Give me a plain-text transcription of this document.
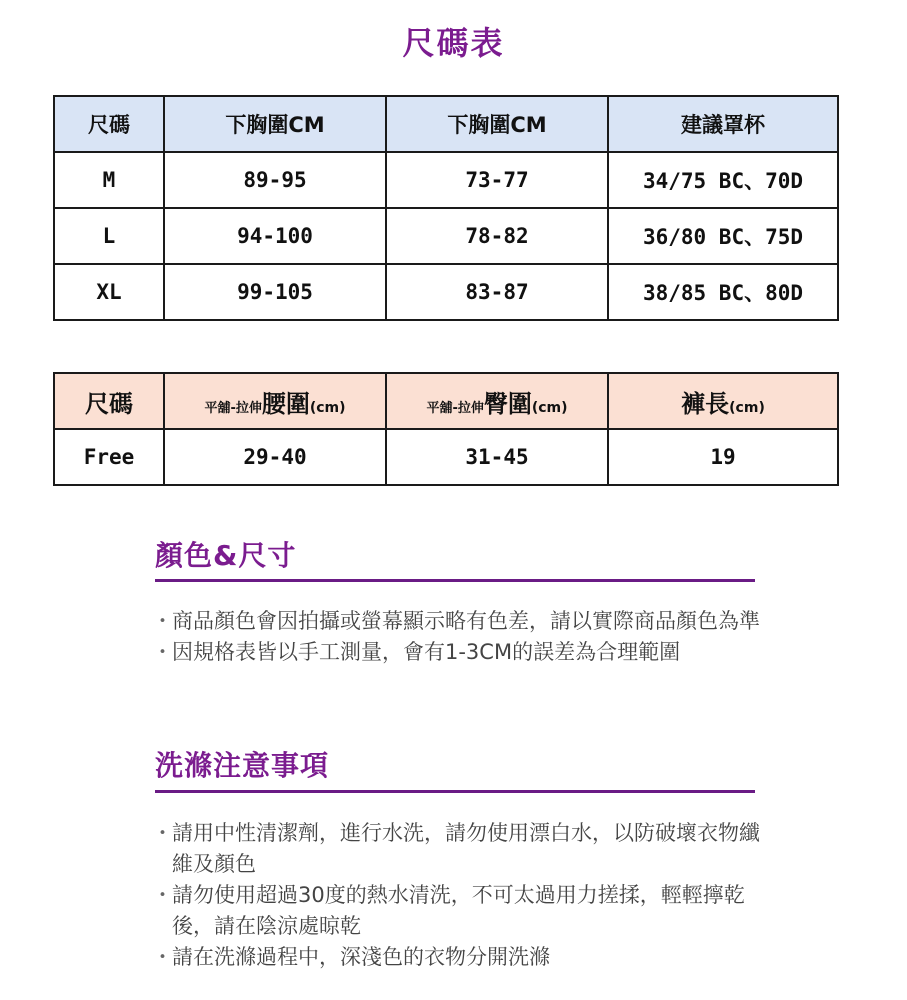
尺碼表
尺碼	下胸圍CM	下胸圍CM	建議罩杯
M	89-95	73-77	34/75 BC、70D
L	94-100	78-82	36/80 BC、75D
XL	99-105	83-87	38/85 BC、80D
尺碼	平舖-拉伸腰圍(cm)	平舖-拉伸臀圍(cm)	褲長(cm)
Free	29-40	31-45	19
顏色&尺寸
・ 商品顏色會因拍攝或螢幕顯示略有色差，請以實際商品顏色為準
・ 因規格表皆以手工測量，會有1-3CM的誤差為合理範圍
洗滌注意事項
・ 請用中性清潔劑，進行水洗，請勿使用漂白水，以防破壞衣物纖維及顏色
・ 請勿使用超過30度的熱水清洗，不可太過用力搓揉，輕輕擰乾後，請在陰涼處晾乾
・ 請在洗滌過程中，深淺色的衣物分開洗滌
